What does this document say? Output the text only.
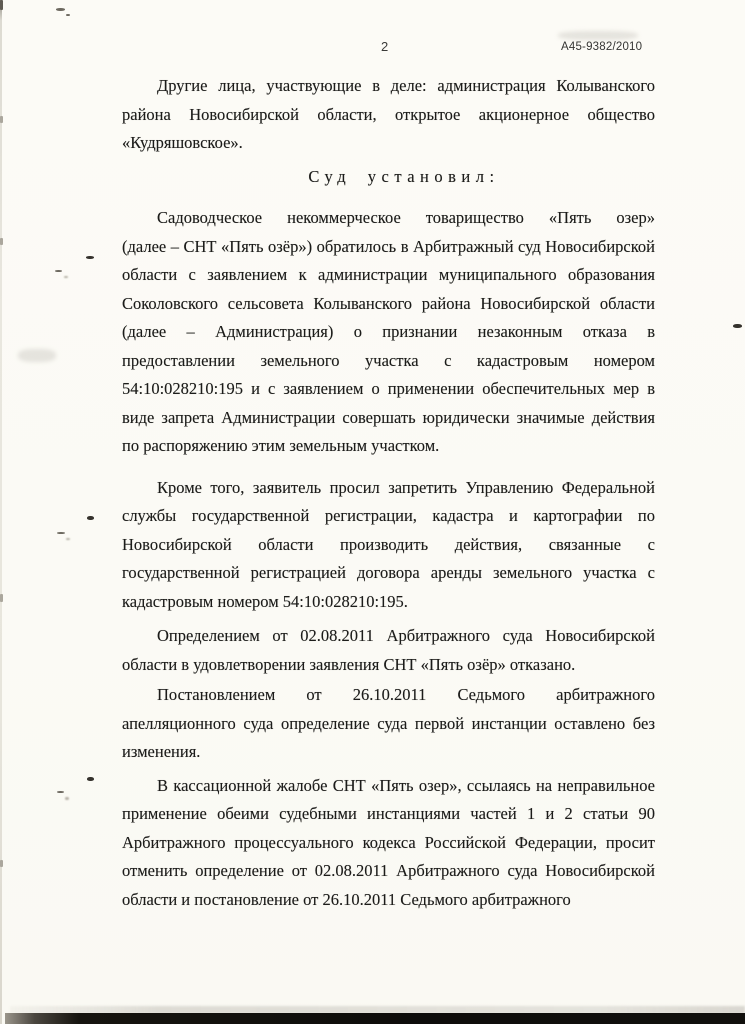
2	А45-9382/2010
Другие лица, участвующие в деле: администрация Колыванского
района Новосибирской области, открытое акционерное общество
«Кудряшовское».
Суд установил:
Садоводческое некоммерческое товарищество «Пять озер»
(далее – СНТ «Пять озёр») обратилось в Арбитражный суд Новосибирской
области с заявлением к администрации муниципального образования
Соколовского сельсовета Колыванского района Новосибирской области
(далее – Администрация) о признании незаконным отказа в
предоставлении земельного участка с кадастровым номером
54:10:028210:195 и с заявлением о применении обеспечительных мер в
виде запрета Администрации совершать юридически значимые действия
по распоряжению этим земельным участком.
Кроме того, заявитель просил запретить Управлению Федеральной
службы государственной регистрации, кадастра и картографии по
Новосибирской области производить действия, связанные с
государственной регистрацией договора аренды земельного участка с
кадастровым номером 54:10:028210:195.
Определением от 02.08.2011 Арбитражного суда Новосибирской
области в удовлетворении заявления СНТ «Пять озёр» отказано.
Постановлением от 26.10.2011 Седьмого арбитражного
апелляционного суда определение суда первой инстанции оставлено без
изменения.
В кассационной жалобе СНТ «Пять озер», ссылаясь на неправильное
применение обеими судебными инстанциями частей 1 и 2 статьи 90
Арбитражного процессуального кодекса Российской Федерации, просит
отменить определение от 02.08.2011 Арбитражного суда Новосибирской
области и постановление от 26.10.2011 Седьмого арбитражного
